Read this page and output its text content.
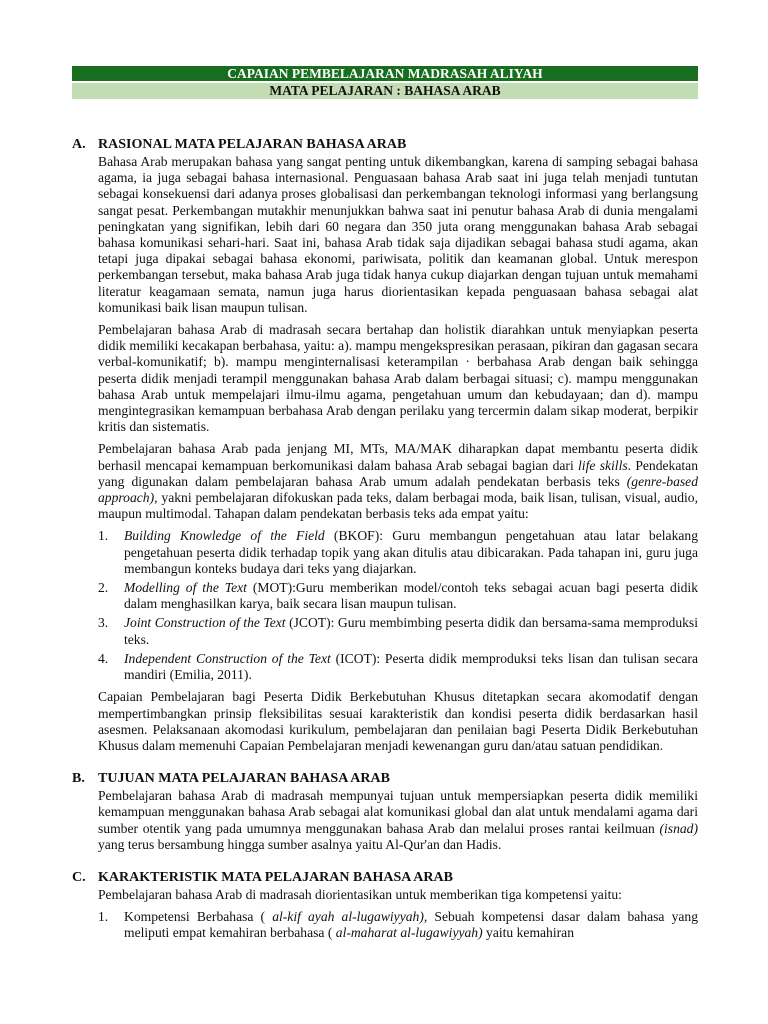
CAPAIAN PEMBELAJARAN MADRASAH ALIYAH
MATA PELAJARAN : BAHASA ARAB
A. RASIONAL MATA PELAJARAN BAHASA ARAB

Bahasa Arab merupakan bahasa yang sangat penting untuk dikembangkan, karena di samping sebagai bahasa agama, ia juga sebagai bahasa internasional. Penguasaan bahasa Arab saat ini juga telah menjadi tuntutan sebagai konsekuensi dari adanya proses globalisasi dan perkembangan teknologi informasi yang berlangsung sangat pesat. Perkembangan mutakhir menunjukkan bahwa saat ini penutur bahasa Arab di dunia mengalami peningkatan yang signifikan, lebih dari 60 negara dan 350 juta orang menggunakan bahasa Arab sebagai bahasa komunikasi sehari-hari. Saat ini, bahasa Arab tidak saja dijadikan sebagai bahasa studi agama, akan tetapi juga dipakai sebagai bahasa ekonomi, pariwisata, politik dan keamanan global. Untuk merespon perkembangan tersebut, maka bahasa Arab juga tidak hanya cukup diajarkan dengan tujuan untuk memahami literatur keagamaan semata, namun juga harus diorientasikan kepada penguasaan bahasa sebagai alat komunikasi baik lisan maupun tulisan.

Pembelajaran bahasa Arab di madrasah secara bertahap dan holistik diarahkan untuk menyiapkan peserta didik memiliki kecakapan berbahasa, yaitu: a). mampu mengekspresikan perasaan, pikiran dan gagasan secara verbal-komunikatif; b). mampu menginternalisasi keterampilan · berbahasa Arab dengan baik sehingga peserta didik menjadi terampil menggunakan bahasa Arab dalam berbagai situasi; c). mampu menggunakan bahasa Arab untuk mempelajari ilmu-ilmu agama, pengetahuan umum dan kebudayaan; dan d). mampu mengintegrasikan kemampuan berbahasa Arab dengan perilaku yang tercermin dalam sikap moderat, berpikir kritis dan sistematis.

Pembelajaran bahasa Arab pada jenjang MI, MTs, MA/MAK diharapkan dapat membantu peserta didik berhasil mencapai kemampuan berkomunikasi dalam bahasa Arab sebagai bagian dari life skills. Pendekatan yang digunakan dalam pembelajaran bahasa Arab umum adalah pendekatan berbasis teks (genre-based approach), yakni pembelajaran difokuskan pada teks, dalam berbagai moda, baik lisan, tulisan, visual, audio, maupun multimodal. Tahapan dalam pendekatan berbasis teks ada empat yaitu:

1. Building Knowledge of the Field (BKOF): Guru membangun pengetahuan atau latar belakang pengetahuan peserta didik terhadap topik yang akan ditulis atau dibicarakan. Pada tahapan ini, guru juga membangun konteks budaya dari teks yang diajarkan.
2. Modelling of the Text (MOT):Guru memberikan model/contoh teks sebagai acuan bagi peserta didik dalam menghasilkan karya, baik secara lisan maupun tulisan.
3. Joint Construction of the Text (JCOT): Guru membimbing peserta didik dan bersama-sama memproduksi teks.
4. Independent Construction of the Text (ICOT): Peserta didik memproduksi teks lisan dan tulisan secara mandiri (Emilia, 2011).

Capaian Pembelajaran bagi Peserta Didik Berkebutuhan Khusus ditetapkan secara akomodatif dengan mempertimbangkan prinsip fleksibilitas sesuai karakteristik dan kondisi peserta didik berdasarkan hasil asesmen. Pelaksanaan akomodasi kurikulum, pembelajaran dan penilaian bagi Peserta Didik Berkebutuhan Khusus dalam memenuhi Capaian Pembelajaran menjadi kewenangan guru dan/atau satuan pendidikan.

B. TUJUAN MATA PELAJARAN BAHASA ARAB

Pembelajaran bahasa Arab di madrasah mempunyai tujuan untuk mempersiapkan peserta didik memiliki kemampuan menggunakan bahasa Arab sebagai alat komunikasi global dan alat untuk mendalami agama dari sumber otentik yang pada umumnya menggunakan bahasa Arab dan melalui proses rantai keilmuan (isnad) yang terus bersambung hingga sumber asalnya yaitu Al-Qur'an dan Hadis.

C. KARAKTERISTIK MATA PELAJARAN BAHASA ARAB

Pembelajaran bahasa Arab di madrasah diorientasikan untuk memberikan tiga kompetensi yaitu:

1. Kompetensi Berbahasa ( al-kif ayah al-lugawiyyah), Sebuah kompetensi dasar dalam bahasa yang meliputi empat kemahiran berbahasa ( al-maharat al-lugawiyyah) yaitu kemahiran
